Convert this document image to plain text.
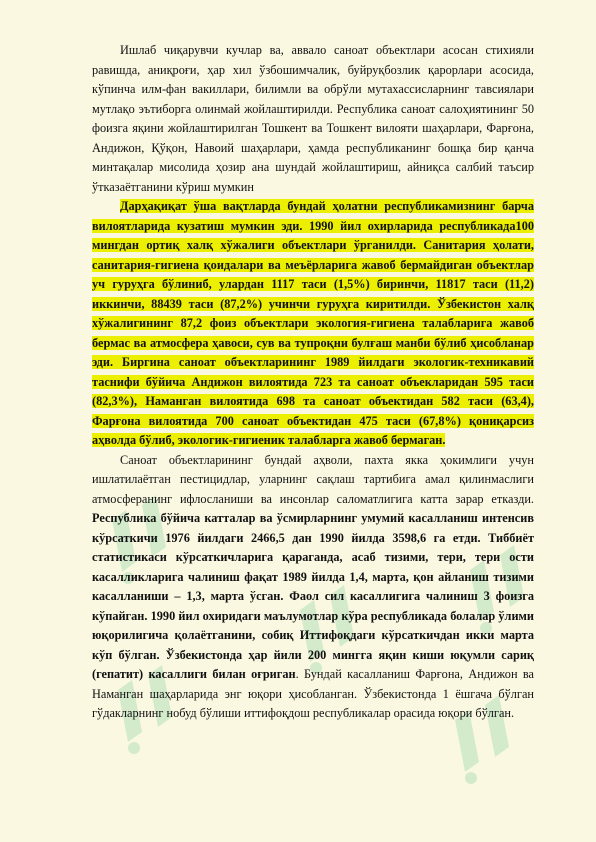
Ишлаб чиқарувчи кучлар ва, аввало саноат объектлари асосан стихияли равишда, аниқроғи, ҳар хил ўзбошимчалик, буйруқбозлик қарорлари асосида, кўпинча илм-фан вакиллари, билимли ва обрўли мутахассисларнинг тавсиялари мутлақо эътиборга олинмай жойлаштирилди. Республика саноат салоҳиятининг 50 фоизга яқини жойлаштирилган Тошкент ва Тошкент вилояти шаҳарлари, Фарғона, Андижон, Қўқон, Навоий шаҳарлари, ҳамда республиканинг бошқа бир қанча минтақалар мисолида ҳозир ана шундай жойлаштириш, айниқса салбий таъсир ўтказаётганини кўриш мумкин

Дарҳақиқат ўша вақтларда бундай ҳолатни республикамизнинг барча вилоятларида кузатиш мумкин эди. 1990 йил охирларида республикада100 мингдан ортиқ халқ хўжалиги объектлари ўрганилди. Санитария ҳолати, санитария-гигиена қоидалари ва меъёрларига жавоб бермайдиган объектлар уч гуруҳга бўлиниб, улардан 1117 таси (1,5%) биринчи, 11817 таси (11,2) иккинчи, 88439 таси (87,2%) учинчи гуруҳга киритилди. Ўзбекистон халқ хўжалигининг 87,2 фоиз объектлари экология-гигиена талабларига жавоб бермас ва атмосфера ҳавоси, сув ва тупроқни булғаш манби бўлиб ҳисобланар эди. Биргина саноат объектларининг 1989 йилдаги экологик-техникавий таснифи бўйича Андижон вилоятида 723 та саноат объекларидан 595 таси (82,3%), Наманган вилоятида 698 та саноат объектидан 582 таси (63,4), Фарғона вилоятида 700 саноат объектидан 475 таси (67,8%) қониқарсиз аҳволда бўлиб, экологик-гигиеник талабларга жавоб бермаган.

Саноат объектларининг бундай аҳволи, пахта якка ҳокимлиги учун ишлатилаётган пестицидлар, уларнинг сақлаш тартибига амал қилинмаслиги атмосферанинг ифлосланиши ва инсонлар саломатлигига катта зарар етказди. Республика бўйича катталар ва ўсмирларнинг умумий касалланиш интенсив кўрсаткичи 1976 йилдаги 2466,5 дан 1990 йилда 3598,6 га етди. Тиббиёт статистикаси кўрсаткичларига қараганда, асаб тизими, тери, тери ости касалликларига чалиниш фақат 1989 йилда 1,4, марта, қон айланиш тизими касалланиши – 1,3, марта ўсган. Фаол сил касаллигига чалиниш 3 фоизга кўпайган. 1990 йил охиридаги маълумотлар кўра республикада болалар ўлими юқорилигича қолаётганини, собиқ Иттифоқдаги кўрсаткичдан икки марта кўп бўлган. Ўзбекистонда ҳар йили 200 мингга яқин киши юқумли сариқ (гепатит) касаллиги билан оғриган. Бундай касалланиш Фарғона, Андижон ва Наманган шаҳарларида энг юқори ҳисобланган. Ўзбекистонда 1 ёшгача бўлган гўдакларнинг нобуд бўлиши иттифоқдош республикалар орасида юқори бўлган.
